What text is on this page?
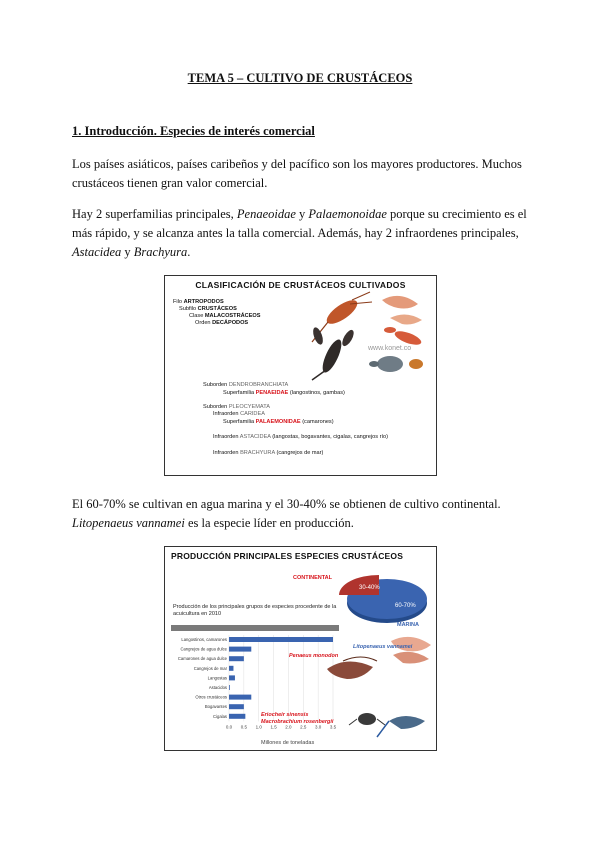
TEMA 5 – CULTIVO DE CRUSTÁCEOS
1. Introducción. Especies de interés comercial
Los países asiáticos, países caribeños y del pacífico son los mayores productores. Muchos crustáceos tienen gran valor comercial.
Hay 2 superfamilias principales, Penaeoidae y Palaemonoidae porque su crecimiento es el más rápido, y se alcanza antes la talla comercial. Además, hay 2 infraordenes principales, Astacidea y Brachyura.
CLASIFICACIÓN DE CRUSTÁCEOS CULTIVADOS
Filo ARTROPODOS
Subfilo CRUSTÁCEOS
Clase MALACOSTRÁCEOS
Orden DECÁPODOS
www.konet.co
Suborden DENDROBRANCHIATA
Superfamilia PENAEIDAE (langostinos, gambas)
Suborden PLEOCYEMATA
Infraorden CARIDEA
Superfamilia PALAEMONIDAE (camarones)
Infraorden ASTACIDEA (langostas, bogavantes, cigalas, cangrejos río)
Infraorden BRACHYURA (cangrejos de mar)
El 60-70% se cultivan en agua marina y el 30-40% se obtienen de cultivo continental. Litopenaeus vannamei es la especie líder en producción.
PRODUCCIÓN PRINCIPALES ESPECIES CRUSTÁCEOS
30-40%
60-70%
CONTINENTAL
MARINA
Producción de los principales grupos de especies procedente de la acuicultura en 2010
0.0 0.5 1.0 1.5 2.0 2.5 3.0 3.5
Langostinos, camarones
Cangrejos de agua dulce
Camarones de agua dulce
Cangrejos de mar
Langostas
Astacidos
Otros crustáceos
Bogavantes
Cigalas
Litopenaeus vannamei
Penaeus monodon
Eriocheir sinensis
Macrobrachium rosenbergii
Millones de toneladas
